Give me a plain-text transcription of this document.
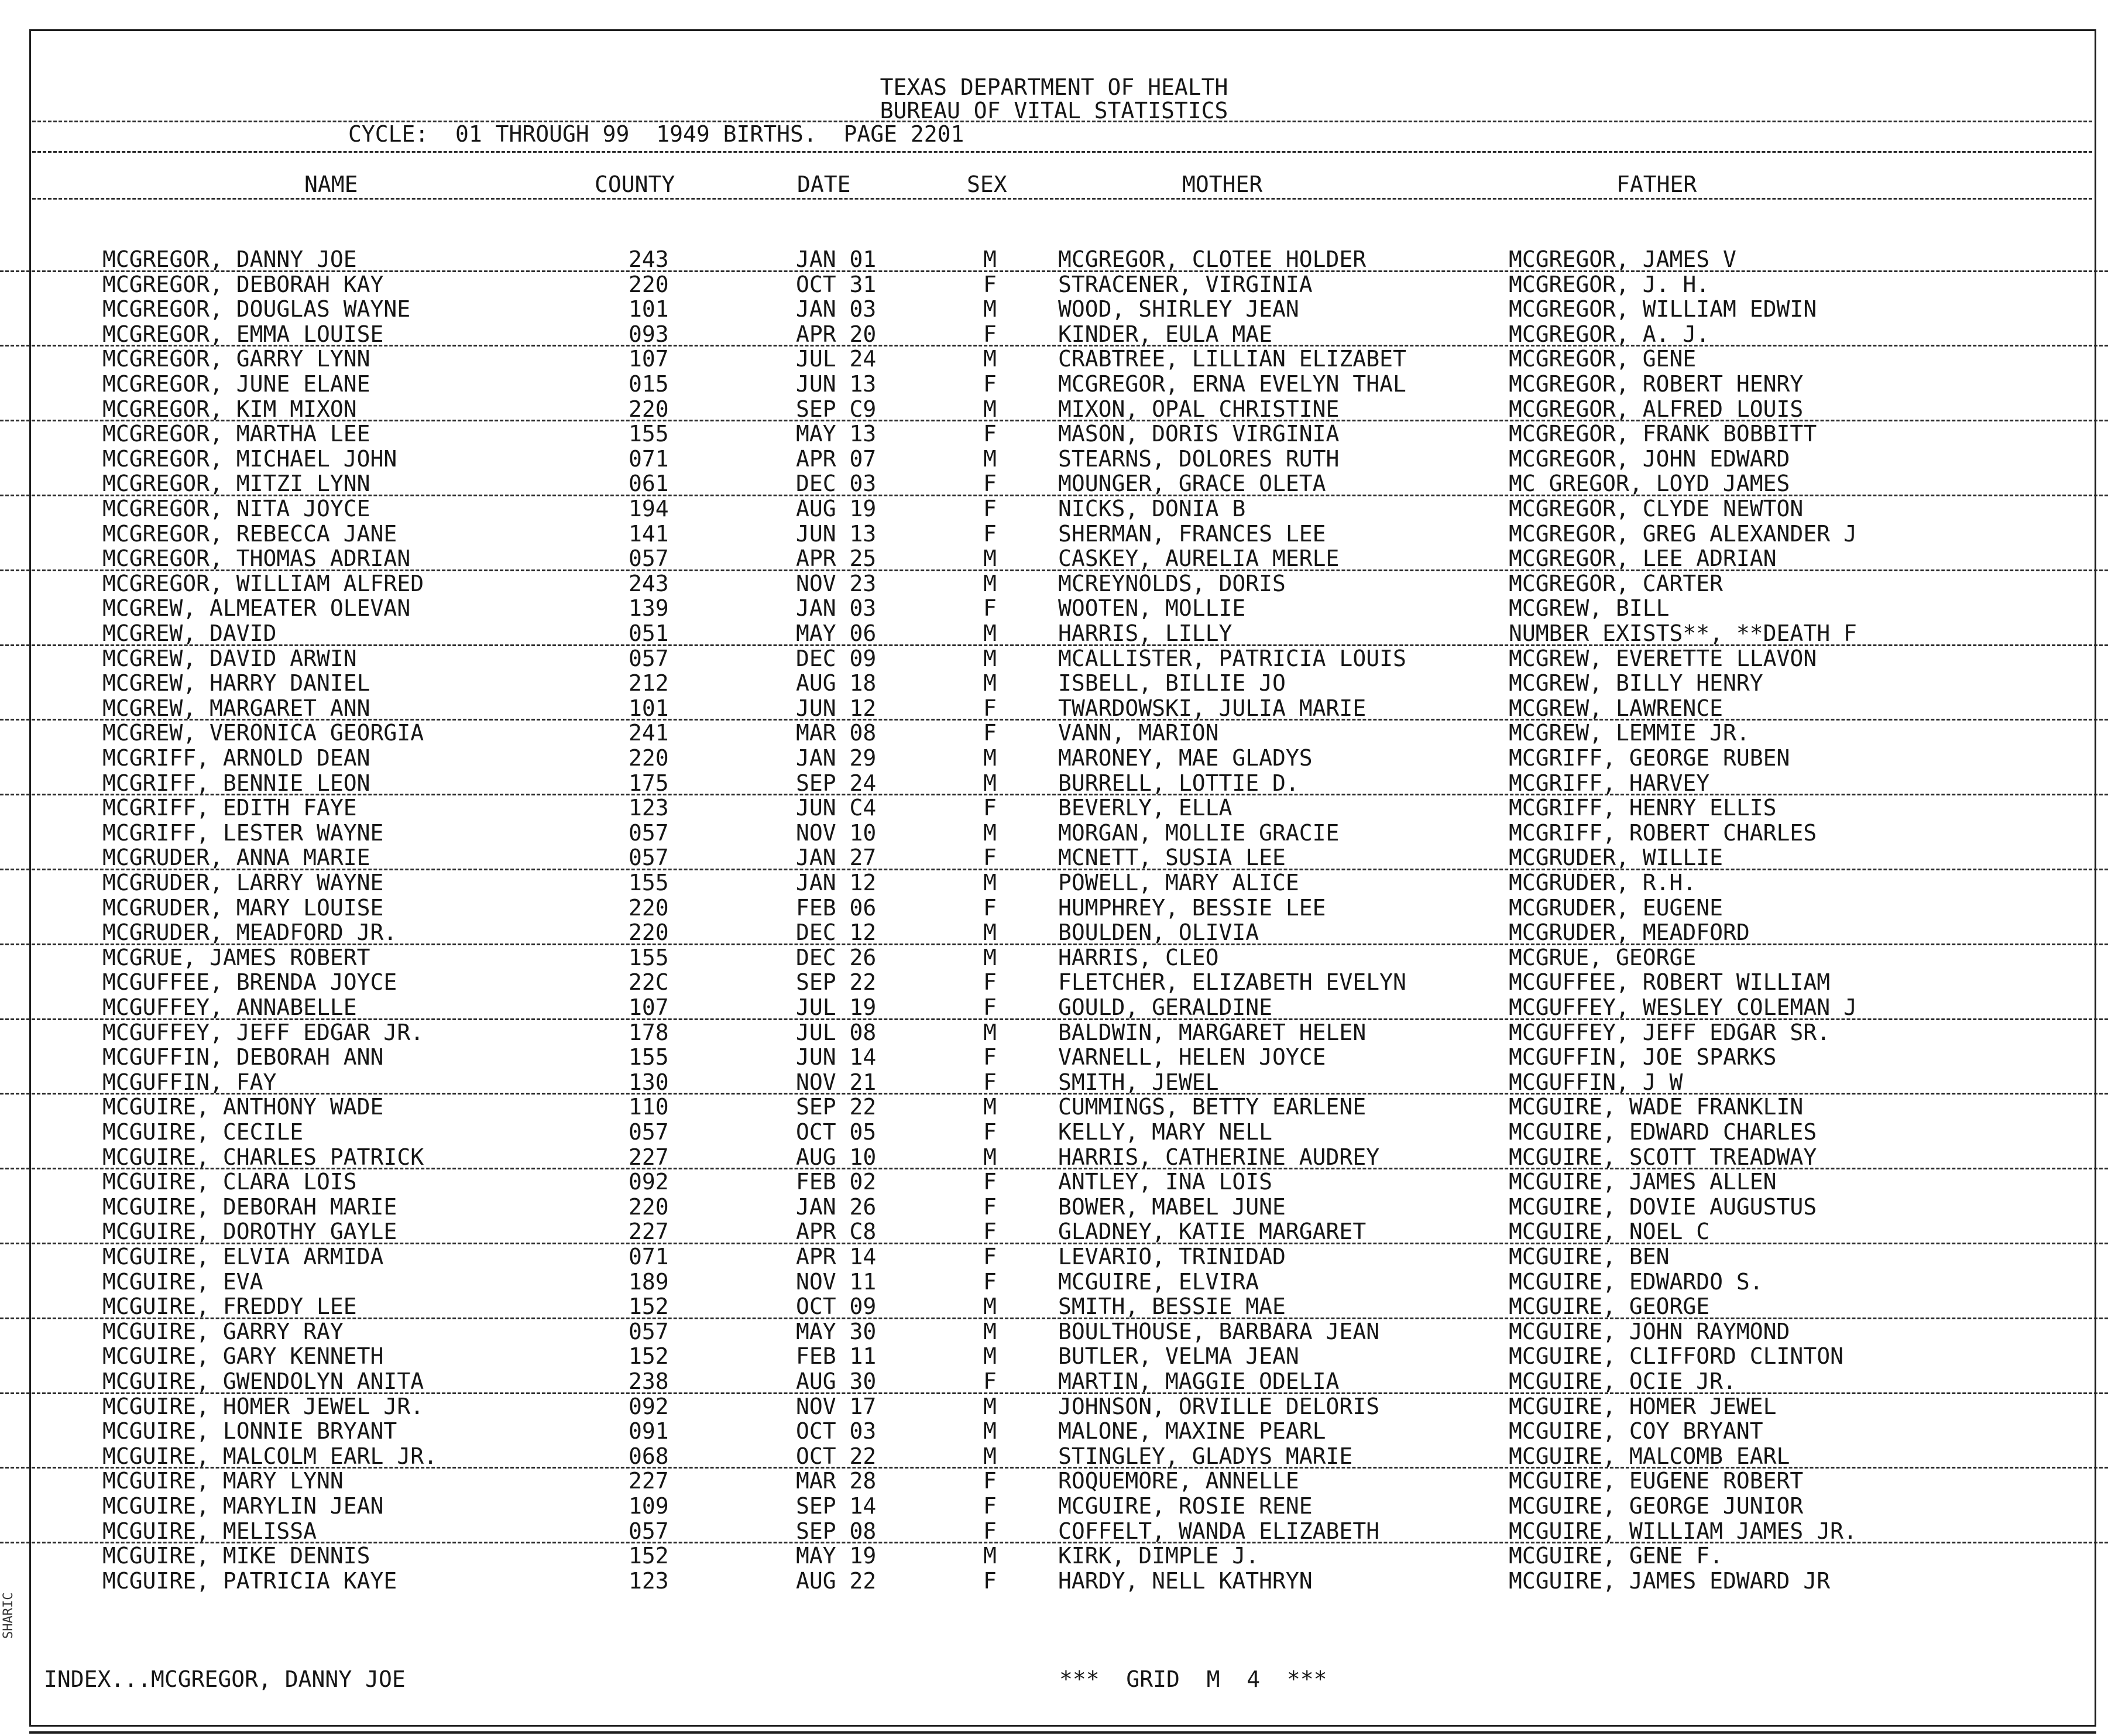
TEXAS DEPARTMENT OF HEALTH
BUREAU OF VITAL STATISTICS
CYCLE:  01 THROUGH 99  1949 BIRTHS.  PAGE 2201
NAME	COUNTY	DATE	SEX	MOTHER	FATHER
MCGREGOR, DANNY JOE	243	JAN 01	M	MCGREGOR, CLOTEE HOLDER	MCGREGOR, JAMES V
MCGREGOR, DEBORAH KAY	220	OCT 31	F	STRACENER, VIRGINIA	MCGREGOR, J. H.
MCGREGOR, DOUGLAS WAYNE	101	JAN 03	M	WOOD, SHIRLEY JEAN	MCGREGOR, WILLIAM EDWIN
MCGREGOR, EMMA LOUISE	093	APR 20	F	KINDER, EULA MAE	MCGREGOR, A. J.
MCGREGOR, GARRY LYNN	107	JUL 24	M	CRABTREE, LILLIAN ELIZABET	MCGREGOR, GENE
MCGREGOR, JUNE ELANE	015	JUN 13	F	MCGREGOR, ERNA EVELYN THAL	MCGREGOR, ROBERT HENRY
MCGREGOR, KIM MIXON	220	SEP C9	M	MIXON, OPAL CHRISTINE	MCGREGOR, ALFRED LOUIS
MCGREGOR, MARTHA LEE	155	MAY 13	F	MASON, DORIS VIRGINIA	MCGREGOR, FRANK BOBBITT
MCGREGOR, MICHAEL JOHN	071	APR 07	M	STEARNS, DOLORES RUTH	MCGREGOR, JOHN EDWARD
MCGREGOR, MITZI LYNN	061	DEC 03	F	MOUNGER, GRACE OLETA	MC GREGOR, LOYD JAMES
MCGREGOR, NITA JOYCE	194	AUG 19	F	NICKS, DONIA B	MCGREGOR, CLYDE NEWTON
MCGREGOR, REBECCA JANE	141	JUN 13	F	SHERMAN, FRANCES LEE	MCGREGOR, GREG ALEXANDER J
MCGREGOR, THOMAS ADRIAN	057	APR 25	M	CASKEY, AURELIA MERLE	MCGREGOR, LEE ADRIAN
MCGREGOR, WILLIAM ALFRED	243	NOV 23	M	MCREYNOLDS, DORIS	MCGREGOR, CARTER
MCGREW, ALMEATER OLEVAN	139	JAN 03	F	WOOTEN, MOLLIE	MCGREW, BILL
MCGREW, DAVID	051	MAY 06	M	HARRIS, LILLY	NUMBER EXISTS**, **DEATH F
MCGREW, DAVID ARWIN	057	DEC 09	M	MCALLISTER, PATRICIA LOUIS	MCGREW, EVERETTE LLAVON
MCGREW, HARRY DANIEL	212	AUG 18	M	ISBELL, BILLIE JO	MCGREW, BILLY HENRY
MCGREW, MARGARET ANN	101	JUN 12	F	TWARDOWSKI, JULIA MARIE	MCGREW, LAWRENCE
MCGREW, VERONICA GEORGIA	241	MAR 08	F	VANN, MARION	MCGREW, LEMMIE JR.
MCGRIFF, ARNOLD DEAN	220	JAN 29	M	MARONEY, MAE GLADYS	MCGRIFF, GEORGE RUBEN
MCGRIFF, BENNIE LEON	175	SEP 24	M	BURRELL, LOTTIE D.	MCGRIFF, HARVEY
MCGRIFF, EDITH FAYE	123	JUN C4	F	BEVERLY, ELLA	MCGRIFF, HENRY ELLIS
MCGRIFF, LESTER WAYNE	057	NOV 10	M	MORGAN, MOLLIE GRACIE	MCGRIFF, ROBERT CHARLES
MCGRUDER, ANNA MARIE	057	JAN 27	F	MCNETT, SUSIA LEE	MCGRUDER, WILLIE
MCGRUDER, LARRY WAYNE	155	JAN 12	M	POWELL, MARY ALICE	MCGRUDER, R.H.
MCGRUDER, MARY LOUISE	220	FEB 06	F	HUMPHREY, BESSIE LEE	MCGRUDER, EUGENE
MCGRUDER, MEADFORD JR.	220	DEC 12	M	BOULDEN, OLIVIA	MCGRUDER, MEADFORD
MCGRUE, JAMES ROBERT	155	DEC 26	M	HARRIS, CLEO	MCGRUE, GEORGE
MCGUFFEE, BRENDA JOYCE	22C	SEP 22	F	FLETCHER, ELIZABETH EVELYN	MCGUFFEE, ROBERT WILLIAM
MCGUFFEY, ANNABELLE	107	JUL 19	F	GOULD, GERALDINE	MCGUFFEY, WESLEY COLEMAN J
MCGUFFEY, JEFF EDGAR JR.	178	JUL 08	M	BALDWIN, MARGARET HELEN	MCGUFFEY, JEFF EDGAR SR.
MCGUFFIN, DEBORAH ANN	155	JUN 14	F	VARNELL, HELEN JOYCE	MCGUFFIN, JOE SPARKS
MCGUFFIN, FAY	130	NOV 21	F	SMITH, JEWEL	MCGUFFIN, J W
MCGUIRE, ANTHONY WADE	110	SEP 22	M	CUMMINGS, BETTY EARLENE	MCGUIRE, WADE FRANKLIN
MCGUIRE, CECILE	057	OCT 05	F	KELLY, MARY NELL	MCGUIRE, EDWARD CHARLES
MCGUIRE, CHARLES PATRICK	227	AUG 10	M	HARRIS, CATHERINE AUDREY	MCGUIRE, SCOTT TREADWAY
MCGUIRE, CLARA LOIS	092	FEB 02	F	ANTLEY, INA LOIS	MCGUIRE, JAMES ALLEN
MCGUIRE, DEBORAH MARIE	220	JAN 26	F	BOWER, MABEL JUNE	MCGUIRE, DOVIE AUGUSTUS
MCGUIRE, DOROTHY GAYLE	227	APR C8	F	GLADNEY, KATIE MARGARET	MCGUIRE, NOEL C
MCGUIRE, ELVIA ARMIDA	071	APR 14	F	LEVARIO, TRINIDAD	MCGUIRE, BEN
MCGUIRE, EVA	189	NOV 11	F	MCGUIRE, ELVIRA	MCGUIRE, EDWARDO S.
MCGUIRE, FREDDY LEE	152	OCT 09	M	SMITH, BESSIE MAE	MCGUIRE, GEORGE
MCGUIRE, GARRY RAY	057	MAY 30	M	BOULTHOUSE, BARBARA JEAN	MCGUIRE, JOHN RAYMOND
MCGUIRE, GARY KENNETH	152	FEB 11	M	BUTLER, VELMA JEAN	MCGUIRE, CLIFFORD CLINTON
MCGUIRE, GWENDOLYN ANITA	238	AUG 30	F	MARTIN, MAGGIE ODELIA	MCGUIRE, OCIE JR.
MCGUIRE, HOMER JEWEL JR.	092	NOV 17	M	JOHNSON, ORVILLE DELORIS	MCGUIRE, HOMER JEWEL
MCGUIRE, LONNIE BRYANT	091	OCT 03	M	MALONE, MAXINE PEARL	MCGUIRE, COY BRYANT
MCGUIRE, MALCOLM EARL JR.	068	OCT 22	M	STINGLEY, GLADYS MARIE	MCGUIRE, MALCOMB EARL
MCGUIRE, MARY LYNN	227	MAR 28	F	ROQUEMORE, ANNELLE	MCGUIRE, EUGENE ROBERT
MCGUIRE, MARYLIN JEAN	109	SEP 14	F	MCGUIRE, ROSIE RENE	MCGUIRE, GEORGE JUNIOR
MCGUIRE, MELISSA	057	SEP 08	F	COFFELT, WANDA ELIZABETH	MCGUIRE, WILLIAM JAMES JR.
MCGUIRE, MIKE DENNIS	152	MAY 19	M	KIRK, DIMPLE J.	MCGUIRE, GENE F.
MCGUIRE, PATRICIA KAYE	123	AUG 22	F	HARDY, NELL KATHRYN	MCGUIRE, JAMES EDWARD JR
INDEX...MCGREGOR, DANNY JOE	***  GRID  M  4  ***
SHARIC
